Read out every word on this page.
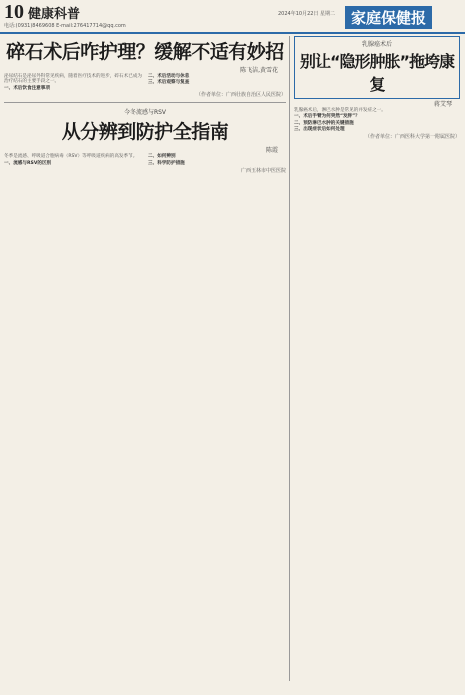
10 健康科普
电话:(0931)8469608 E-mail:276417714@qq.com
2024年10月22日 星期二	家庭保健报
碎石术后咋护理？缓解不适有妙招
陈飞洁,黄雪花
泌尿结石是泌尿外科常见疾病，随着医疗技术的进步，碎石术已成为治疗结石的主要手段之一。
一、术后饮食注意事项
二、术后活动与休息
三、术后观察与复查
（作者单位：广西壮族自治区人民医院）
今冬流感与RSV
从分辨到防护全指南
陈霞
冬季是流感、呼吸道合胞病毒（RSV）等呼吸道疾病的高发季节。
一、流感与RSV的区别
二、如何辨别
三、科学防护措施
广西玉林市中医医院
乳腺癌术后
别让“隐形肿胀”拖垮康复
蒋艾琴
乳腺癌术后，淋巴水肿是常见的并发症之一。
一、术后手臂为何突然“发胖”？
二、预防淋巴水肿的关键措施
三、出现症状后如何处理
（作者单位：广西医科大学第一附属医院）
